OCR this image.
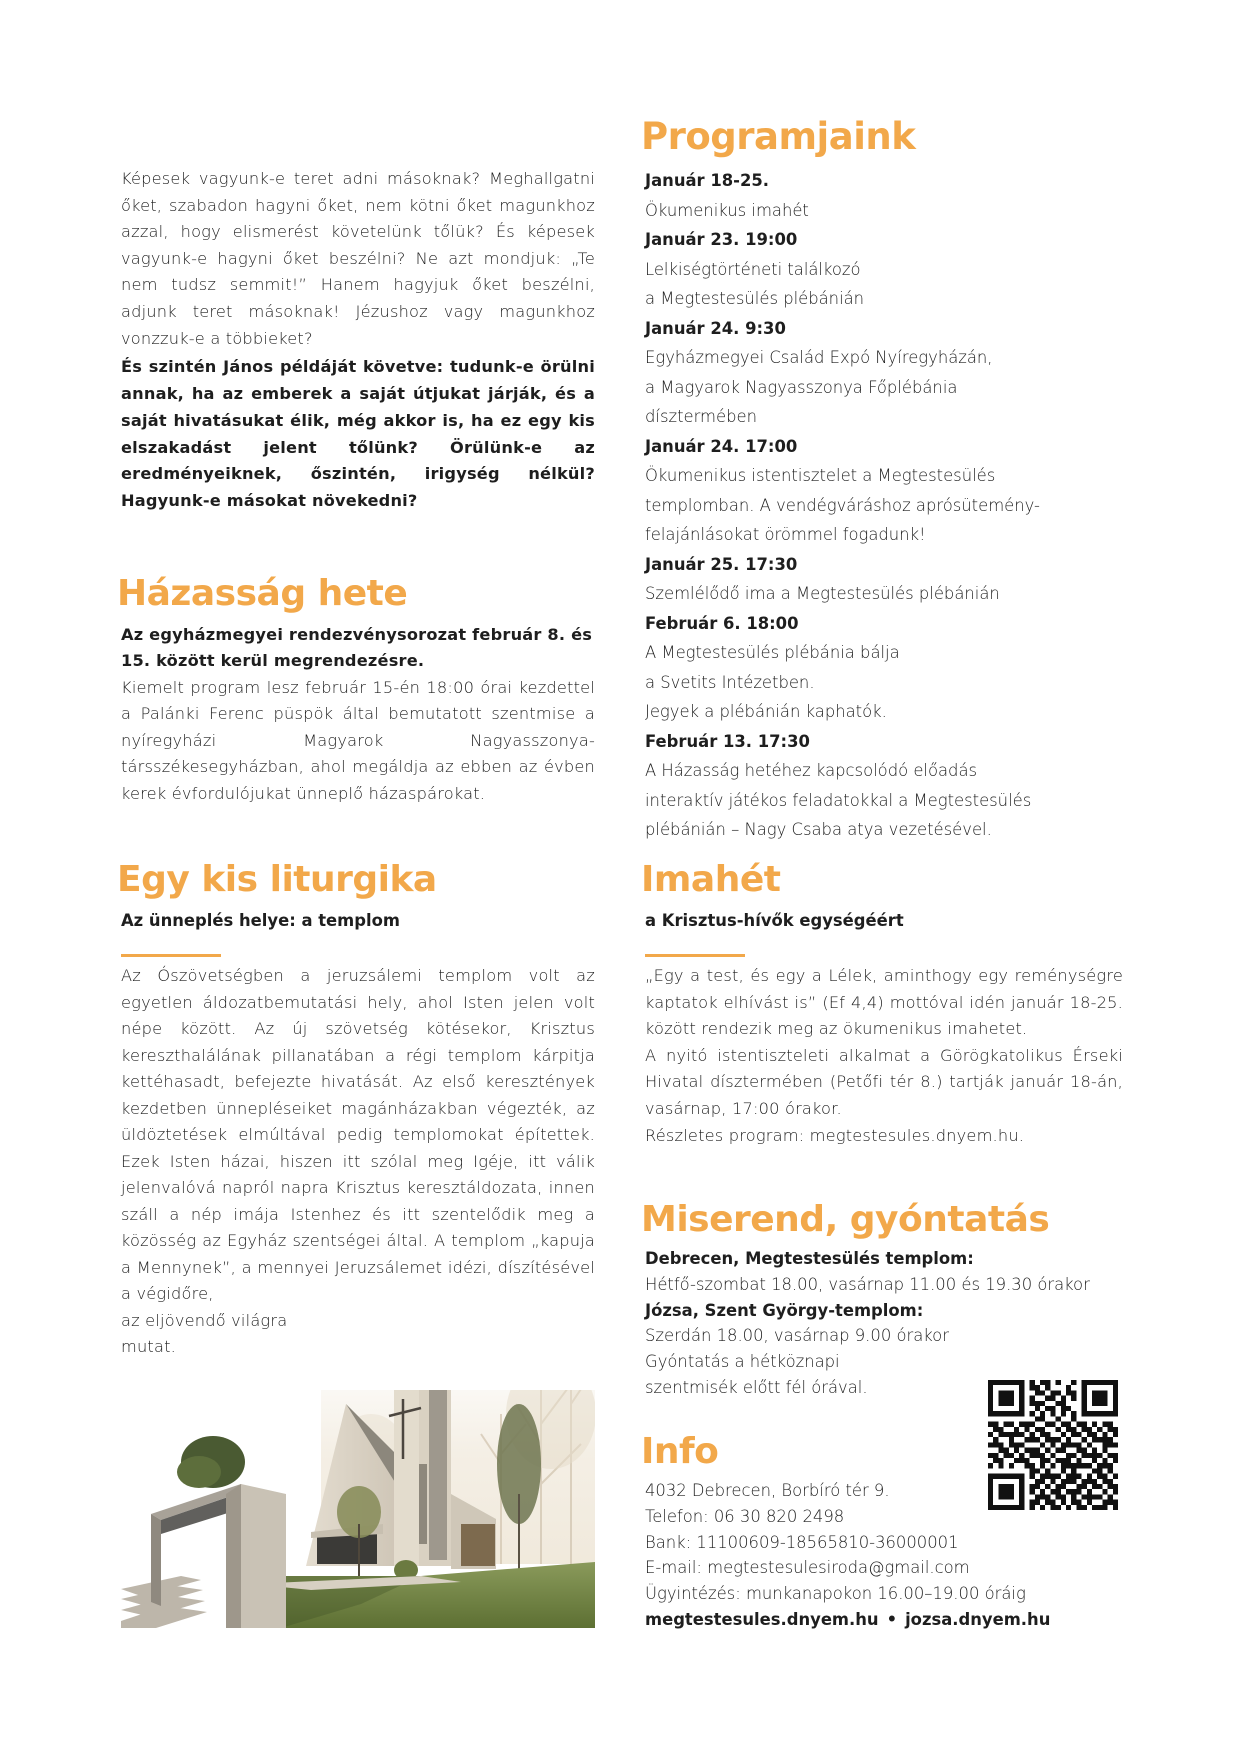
Képesek vagyunk-e teret adni másoknak? Meghallgatni őket, szabadon hagyni őket, nem kötni őket magunkhoz azzal, hogy elismerést követelünk tőlük? És képesek vagyunk-e hagyni őket beszélni? Ne azt mondjuk: „Te nem tudsz semmit!” Hanem hagyjuk őket beszélni, adjunk teret másoknak! Jézushoz vagy magunkhoz vonzzuk-e a többieket?

És szintén János példáját követve: tudunk-e örülni annak, ha az emberek a saját útjukat járják, és a saját hivatásukat élik, még akkor is, ha ez egy kis elszakadást jelent tőlünk? Örülünk-e az eredményeiknek, őszintén, irigység nélkül? Hagyunk-e másokat növekedni?

Házasság hete

Az egyházmegyei rendezvénysorozat február 8. és 15. között kerül megrendezésre.

Kiemelt program lesz február 15-én 18:00 órai kezdettel a Palánki Ferenc püspök által bemutatott szentmise a nyíregyházi Magyarok Nagyasszonya-társszékesegyházban, ahol megáldja az ebben az évben kerek évfordulójukat ünneplő házaspárokat.

Egy kis liturgika
Az ünneplés helye: a templom

Az Ószövetségben a jeruzsálemi templom volt az egyetlen áldozatbemutatási hely, ahol Isten jelen volt népe között. Az új szövetség kötésekor, Krisztus kereszthalálának pillanatában a régi templom kárpitja kettéhasadt, befejezte hivatását. Az első keresztények kezdetben ünnepléseiket magánházakban végezték, az üldöztetések elmúltával pedig templomokat építettek. Ezek Isten házai, hiszen itt szólal meg Igéje, itt válik jelenvalóvá napról napra Krisztus keresztáldozata, innen száll a nép imája Istenhez és itt szentelődik meg a közösség az Egyház szentségei által. A templom „kapuja a Mennynek”, a mennyei Jeruzsálemet idézi, díszítésével a végidőre,

az eljövendő világra

mutat.

Programjaink
Január 18-25.
Ökumenikus imahét
Január 23. 19:00
Lelkiségtörténeti találkozó
a Megtestesülés plébánián
Január 24. 9:30
Egyházmegyei Család Expó Nyíregyházán,
a Magyarok Nagyasszonya Főplébánia
dísztermében
Január 24. 17:00
Ökumenikus istentisztelet a Megtestesülés
templomban. A vendégváráshoz aprósütemény-
felajánlásokat örömmel fogadunk!
Január 25. 17:30
Szemlélődő ima a Megtestesülés plébánián
Február 6. 18:00
A Megtestesülés plébánia bálja
a Svetits Intézetben.
Jegyek a plébánián kaphatók.
Február 13. 17:30
A Házasság hetéhez kapcsolódó előadás
interaktív játékos feladatokkal a Megtestesülés
plébánián – Nagy Csaba atya vezetésével.
Imahét
a Krisztus-hívők egységéért

„Egy a test, és egy a Lélek, aminthogy egy reménységre kaptatok elhívást is” (Ef 4,4) mottóval idén január 18-25. között rendezik meg az ökumenikus imahetet.

A nyitó istentiszteleti alkalmat a Görögkatolikus Érseki Hivatal dísztermében (Petőfi tér 8.) tartják január 18-án, vasárnap, 17:00 órakor.

Részletes program: megtestesules.dnyem.hu.

Miserend, gyóntatás
Debrecen, Megtestesülés templom:
Hétfő-szombat 18.00, vasárnap 11.00 és 19.30 órakor
Józsa, Szent György-templom:
Szerdán 18.00, vasárnap 9.00 órakor
Gyóntatás a hétköznapi
szentmisék előtt fél órával.
Info
4032 Debrecen, Borbíró tér 9.
Telefon: 06 30 820 2498
Bank: 11100609-18565810-36000001
E-mail: megtestesulesiroda@gmail.com
Ügyintézés: munkanapokon 16.00–19.00 óráig
megtestesules.dnyem.hu • jozsa.dnyem.hu
